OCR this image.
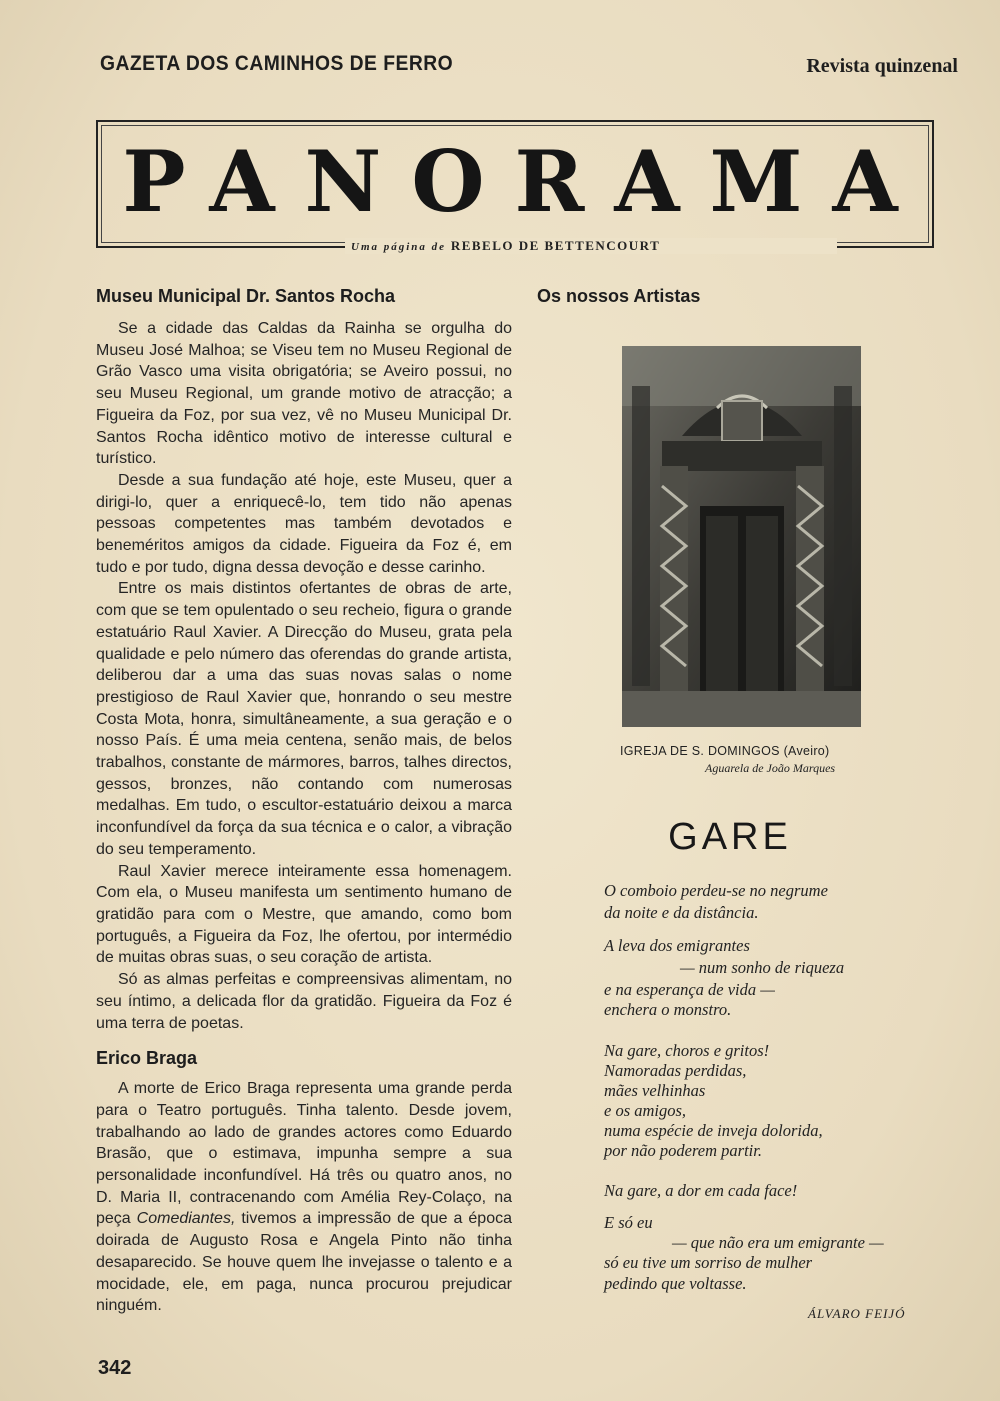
GAZETA DOS CAMINHOS DE FERRO	Revista quinzenal
PANORAMA
Uma página de REBELO DE BETTENCOURT
Museu Municipal Dr. Santos Rocha

Se a cidade das Caldas da Rainha se orgulha do Museu José Malhoa; se Viseu tem no Museu Regional de Grão Vasco uma visita obrigatória; se Aveiro possui, no seu Museu Regional, um grande motivo de atracção; a Figueira da Foz, por sua vez, vê no Museu Municipal Dr. Santos Rocha idêntico motivo de interesse cultural e turístico.

Desde a sua fundação até hoje, este Museu, quer a dirigi-lo, quer a enriquecê-lo, tem tido não apenas pessoas competentes mas também devotados e beneméritos amigos da cidade. Figueira da Foz é, em tudo e por tudo, digna dessa devoção e desse carinho.

Entre os mais distintos ofertantes de obras de arte, com que se tem opulentado o seu recheio, figura o grande estatuário Raul Xavier. A Direcção do Museu, grata pela qualidade e pelo número das oferendas do grande artista, deliberou dar a uma das suas novas salas o nome prestigioso de Raul Xavier que, honrando o seu mestre Costa Mota, honra, simultâneamente, a sua geração e o nosso País. É uma meia centena, senão mais, de belos trabalhos, constante de mármores, barros, talhes directos, gessos, bronzes, não contando com numerosas medalhas. Em tudo, o escultor-estatuário deixou a marca inconfundível da força da sua técnica e o calor, a vibração do seu temperamento.

Raul Xavier merece inteiramente essa homenagem. Com ela, o Museu manifesta um sentimento humano de gratidão para com o Mestre, que amando, como bom português, a Figueira da Foz, lhe ofertou, por intermédio de muitas obras suas, o seu coração de artista.

Só as almas perfeitas e compreensivas alimentam, no seu íntimo, a delicada flor da gratidão. Figueira da Foz é uma terra de poetas.

Erico Braga

A morte de Erico Braga representa uma grande perda para o Teatro português. Tinha talento. Desde jovem, trabalhando ao lado de grandes actores como Eduardo Brasão, que o estimava, impunha sempre a sua personalidade inconfundível. Há três ou quatro anos, no D. Maria II, contracenando com Amélia Rey-Colaço, na peça Comediantes, tivemos a impressão de que a época doirada de Augusto Rosa e Angela Pinto não tinha desaparecido. Se houve quem lhe invejasse o talento e a mocidade, ele, em paga, nunca procurou prejudicar ninguém.

Os nossos Artistas
IGREJA DE S. DOMINGOS (Aveiro)
Aguarela de João Marques
GARE
O comboio perdeu-se no negrume
da noite e da distância.
A leva dos emigrantes
— num sonho de riqueza
e na esperança de vida —
enchera o monstro.
Na gare, choros e gritos!
Namoradas perdidas,
mães velhinhas
e os amigos,
numa espécie de inveja dolorida,
por não poderem partir.
Na gare, a dor em cada face!
E só eu
— que não era um emigrante —
só eu tive um sorriso de mulher
pedindo que voltasse.
ÁLVARO FEIJÓ
342
